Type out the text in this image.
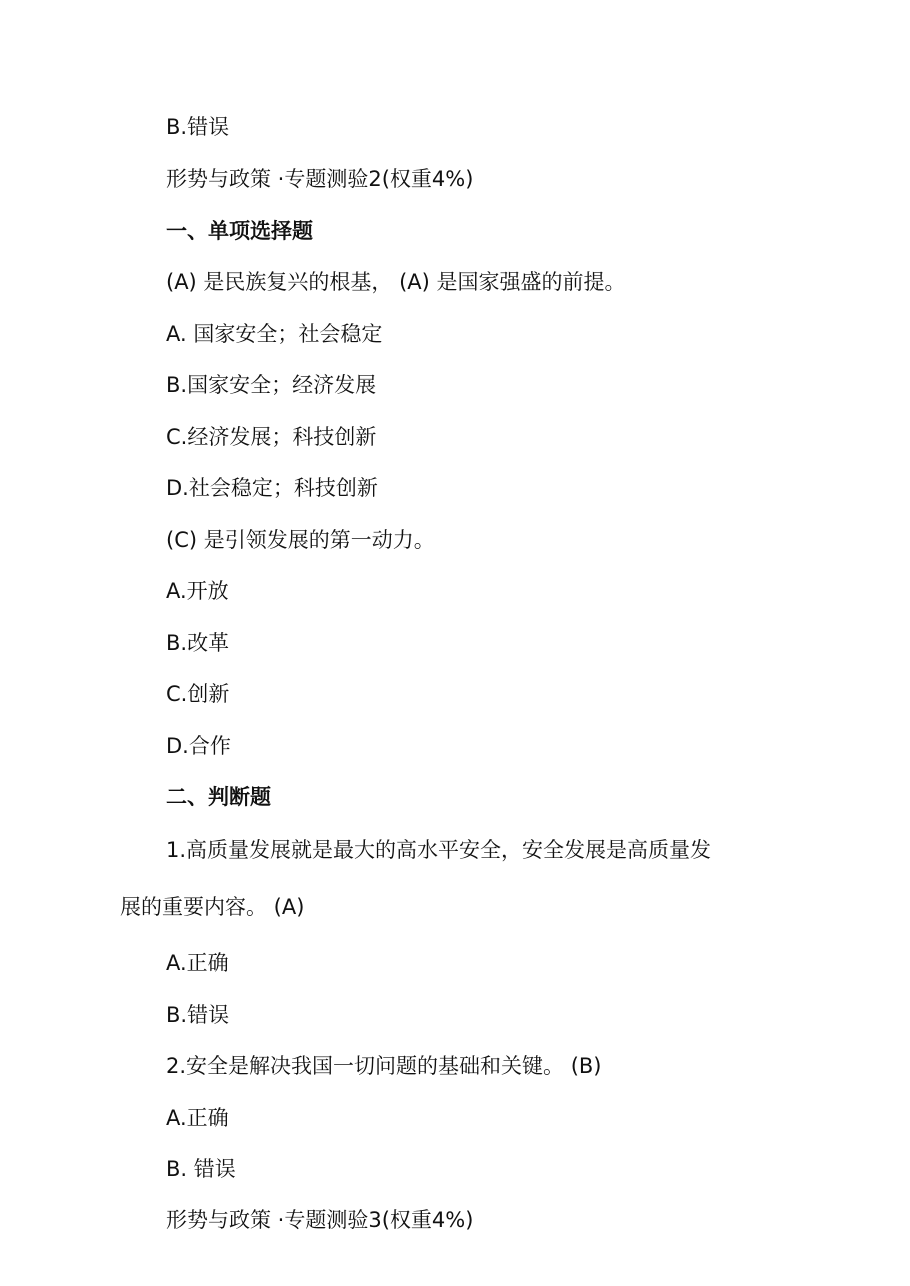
B.错误
形势与政策 ·专题测验2(权重4%)
一、单项选择题
(A) 是民族复兴的根基， (A) 是国家强盛的前提。
A. 国家安全；社会稳定
B.国家安全；经济发展
C.经济发展；科技创新
D.社会稳定；科技创新
(C) 是引领发展的第一动力。
A.开放
B.改革
C.创新
D.合作
二、判断题
1.高质量发展就是最大的高水平安全，安全发展是高质量发
展的重要内容。 (A)
A.正确
B.错误
2.安全是解决我国一切问题的基础和关键。 (B)
A.正确
B. 错误
形势与政策 ·专题测验3(权重4%)
